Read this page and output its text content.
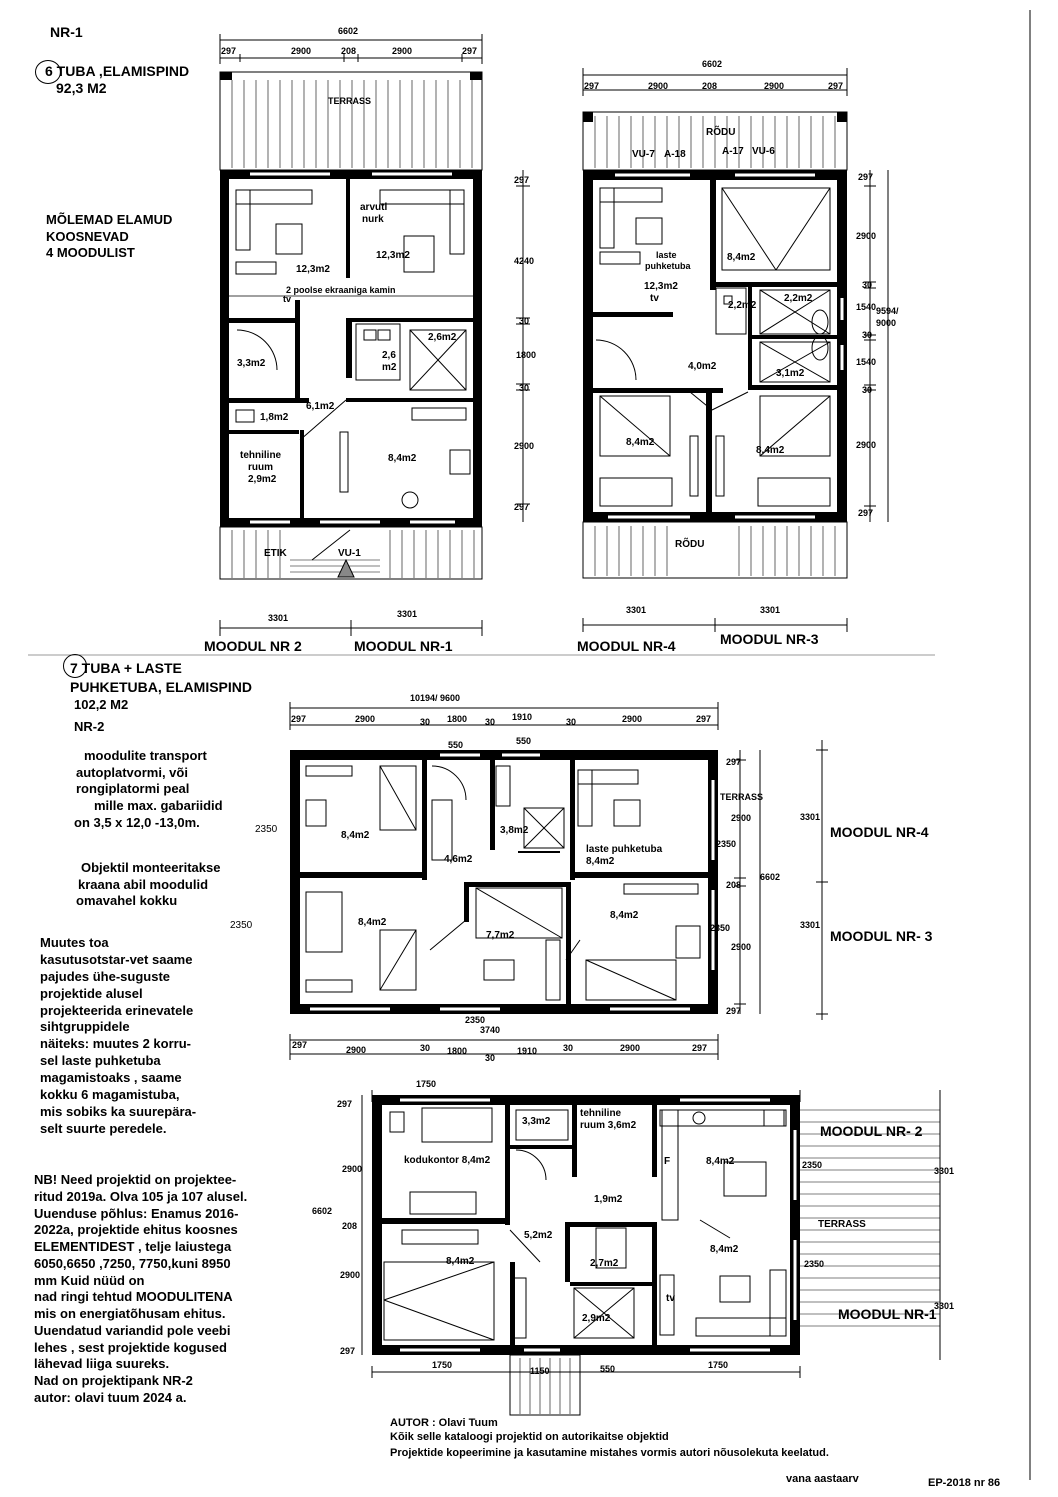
NR-1
6 TUBA ,ELAMISPIND
92,3 M2
MÕLEMAD ELAMUD
KOOSNEVAD
4 MOODULIST
7 TUBA + LASTE
PUHKETUBA, ELAMISPIND
102,2 M2
NR-2
moodulite transport
autoplatvormi, või
rongiplatormi peal
mille max. gabariidid
on 3,5 x 12,0 -13,0m.
Objektil monteeritakse
kraana abil moodulid
omavahel kokku
2350
Muutes toa
kasutusotstar-vet saame
pajudes ühe-suguste
projektide alusel
projekteerida erinevatele
sihtgruppidele
näiteks: muutes 2 korru-
sel laste puhketuba
magamistoaks , saame
kokku 6 magamistuba,
mis sobiks ka suurepära-
selt suurte peredele.
NB! Need projektid on projektee-
ritud 2019a. Olva 105 ja 107 alusel.
Uuenduse põhlus: Enamus 2016-
2022a, projektide ehitus koosnes
ELEMENTIDEST , telje laiustega
6050,6650 ,7250, 7750,kuni 8950
mm Kuid nüüd on
nad ringi tehtud MOODULITENA
mis on energiatõhusam ehitus.
Uuendatud variandid pole veebi
lehes , sest projektide kogused
lähevad liiga suureks.
Nad on projektipank NR-2
autor: olavi tuum 2024 a.
6602
297	2900	208	2900	297
TERRASS
arvuti
nurk
12,3m2
12,3m2
2 poolse ekraaniga kamin
tv
3,3m2
2,6
m2
2,6m2
1,8m2
6,1m2
tehniline
ruum
2,9m2
8,4m2
ETIK	VU-1
3301	3301
MOODUL NR 2	MOODUL NR-1
6602
297	2900	208	2900	297
RÕDU
VU-7 A-18	A-17 VU-6
laste
puhketuba
12,3m2
tv
8,4m2
2,2m2
2,2m2
4,0m2
3,1m2
8,4m2
8,4m2
RÕDU
297
4240
30
1800
30
2900
297
297
2900
30
1540
30
1540
30
2900
297
9594/
9000
3301	3301
MOODUL NR-4	MOODUL NR-3
10194/ 9600
297	2900	30 1800 30 1910	30	2900	297
550	550
8,4m2	3,8m2
4,6m2
laste puhketuba
8,4m2
8,4m2
7,7m2
8,4m2
2350
297
2900
2350
208
2350
2900
297
TERRASS
6602
3301
3301
MOODUL NR-4
MOODUL NR- 3
2350
3740
297	2900	30 1800
30
1910	30	2900	297
1750
297
2900
208
2900
297
6602
3,3m2
tehniline
ruum 3,6m2
kodukontor 8,4m2	F	8,4m2
1,9m2
5,2m2
8,4m2
8,4m2	2,7m2
2,9m2
tv
2350
2350
TERRASS
3301
3301
MOODUL NR- 2
MOODUL NR-1
1750
1150	550	1750
AUTOR : Olavi Tuum
Kõik selle kataloogi projektid on autorikaitse objektid
Projektide kopeerimine ja kasutamine mistahes vormis autori nõusolekuta keelatud.
vana aastaarv	EP-2018 nr 86
